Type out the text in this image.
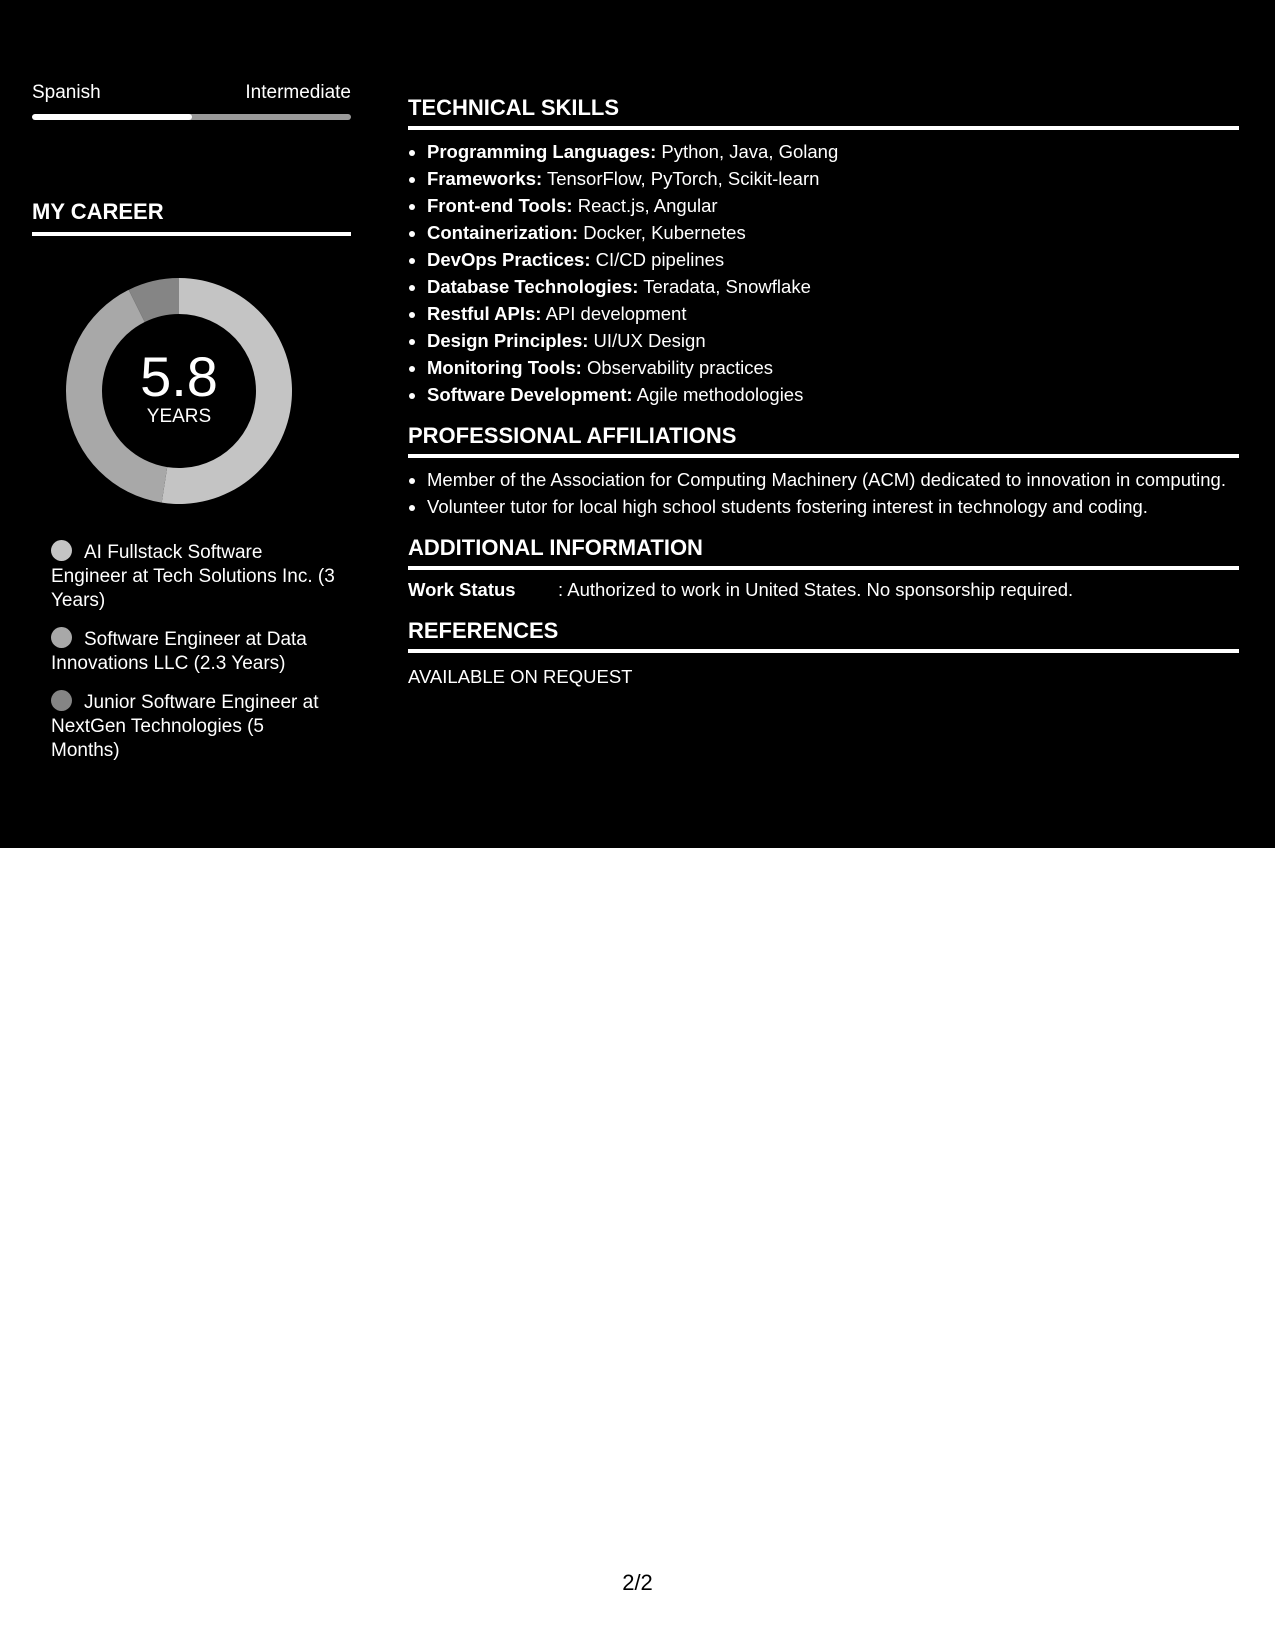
Spanish	Intermediate
MY CAREER
5.8
YEARS
AI Fullstack Software Engineer at Tech Solutions Inc. (3 Years)
Software Engineer at Data Innovations LLC (2.3 Years)
Junior Software Engineer at NextGen Technologies (5 Months)
TECHNICAL SKILLS
• Programming Languages: Python, Java, Golang
• Frameworks: TensorFlow, PyTorch, Scikit-learn
• Front-end Tools: React.js, Angular
• Containerization: Docker, Kubernetes
• DevOps Practices: CI/CD pipelines
• Database Technologies: Teradata, Snowflake
• Restful APIs: API development
• Design Principles: UI/UX Design
• Monitoring Tools: Observability practices
• Software Development: Agile methodologies
PROFESSIONAL AFFILIATIONS
• Member of the Association for Computing Machinery (ACM) dedicated to innovation in computing.
• Volunteer tutor for local high school students fostering interest in technology and coding.
ADDITIONAL INFORMATION
Work Status	: Authorized to work in United States. No sponsorship required.
REFERENCES
AVAILABLE ON REQUEST
2/2
